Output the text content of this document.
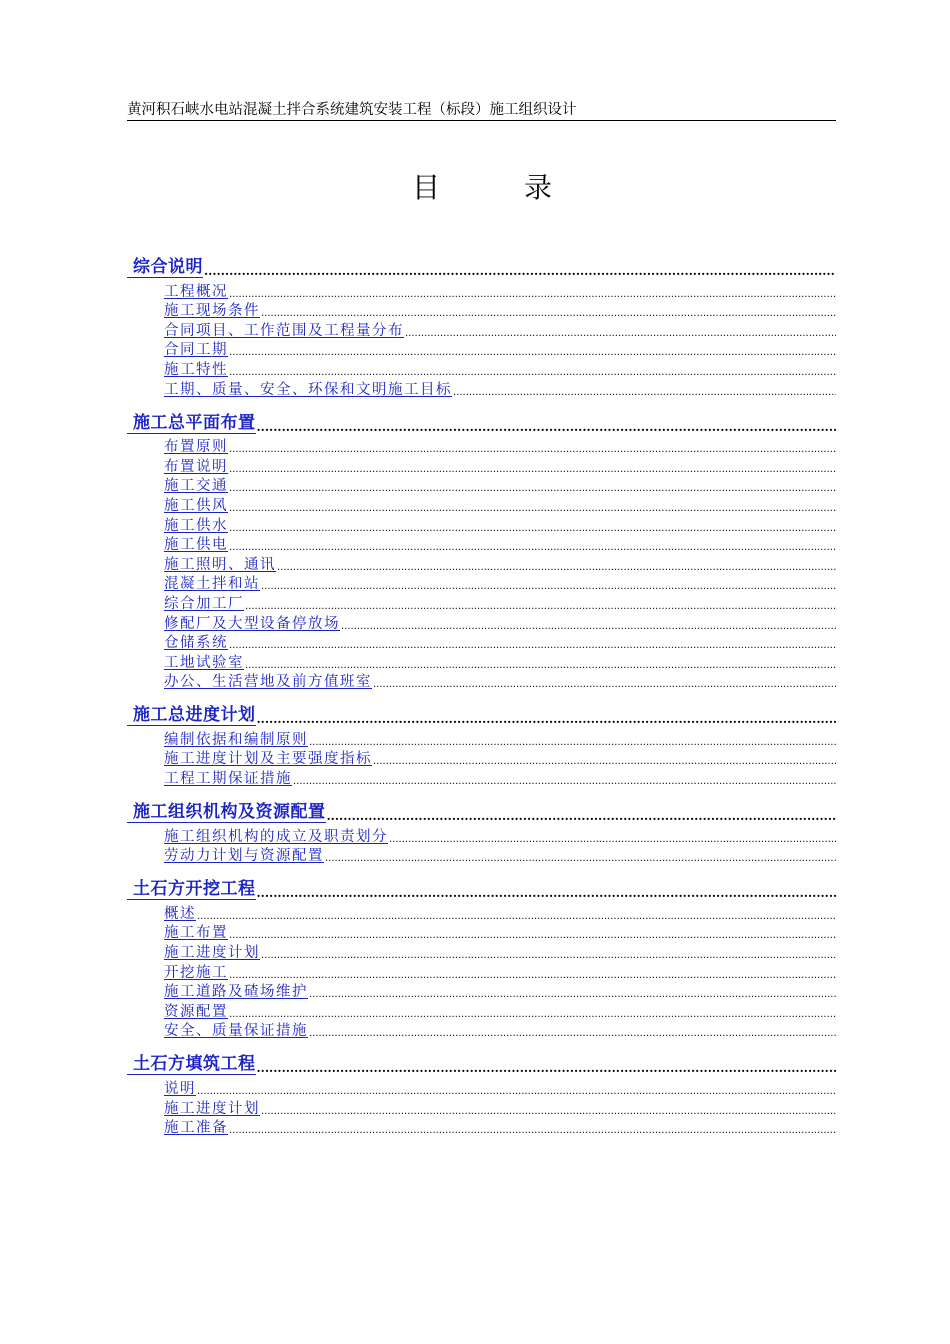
黄河积石峡水电站混凝土拌合系统建筑安装工程（标段）施工组织设计
目	录
综合说明
.....
工程概况
.....
施工现场条件
.....
合同项目、工作范围及工程量分布
.....
合同工期
.....
施工特性
.....
工期、质量、安全、环保和文明施工目标
.....
施工总平面布置
.....
布置原则
.....
布置说明
.....
施工交通
.....
施工供风
.....
施工供水
.....
施工供电
.....
施工照明、通讯
.....
混凝土拌和站
.....
综合加工厂
.....
修配厂及大型设备停放场
.....
仓储系统
.....
工地试验室
.....
办公、生活营地及前方值班室
.....
施工总进度计划
.....
编制依据和编制原则
.....
施工进度计划及主要强度指标
.....
工程工期保证措施
.....
施工组织机构及资源配置
.....
施工组织机构的成立及职责划分
.....
劳动力计划与资源配置
.....
土石方开挖工程
.....
概述
.....
施工布置
.....
施工进度计划
.....
开挖施工
.....
施工道路及碴场维护
.....
资源配置
.....
安全、质量保证措施
.....
土石方填筑工程
.....
说明
.....
施工进度计划
.....
施工准备
.....
